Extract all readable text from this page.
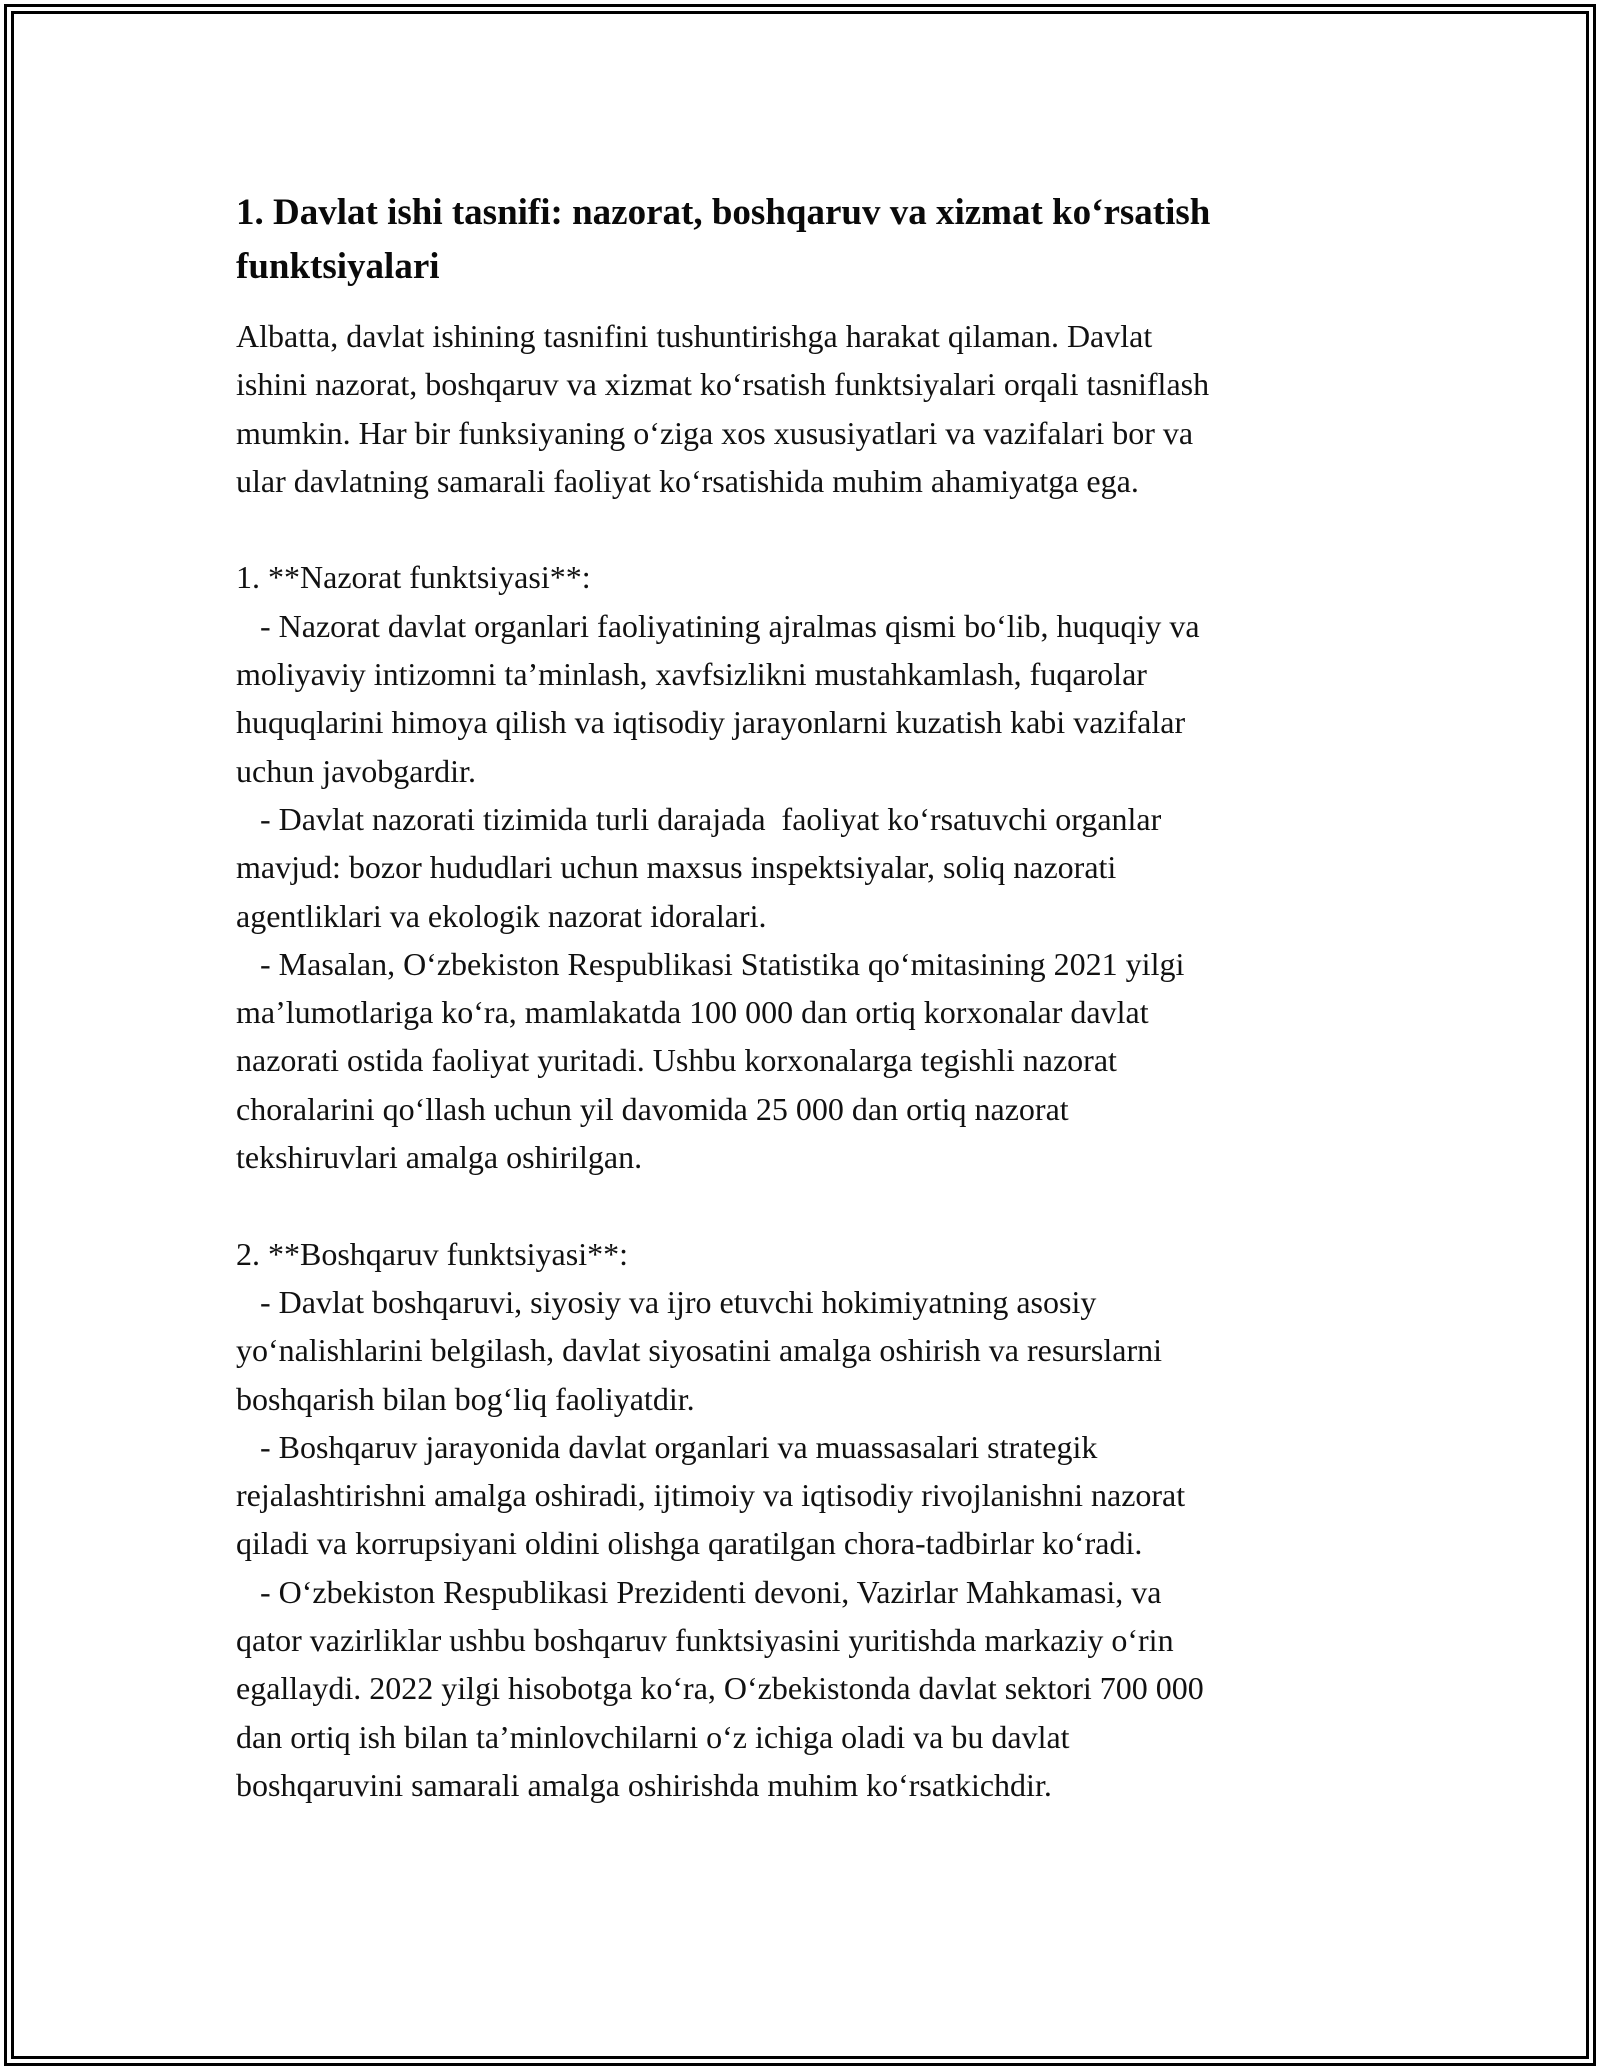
1. Davlat ishi tasnifi: nazorat, boshqaruv va xizmat koʻrsatish
funktsiyalari
Albatta, davlat ishining tasnifini tushuntirishga harakat qilaman. Davlat
ishini nazorat, boshqaruv va xizmat koʻrsatish funktsiyalari orqali tasniflash
mumkin. Har bir funksiyaning oʻziga xos xususiyatlari va vazifalari bor va
ular davlatning samarali faoliyat koʻrsatishida muhim ahamiyatga ega.
1. **Nazorat funktsiyasi**:
- Nazorat davlat organlari faoliyatining ajralmas qismi boʻlib, huquqiy va
moliyaviy intizomni taʼminlash, xavfsizlikni mustahkamlash, fuqarolar
huquqlarini himoya qilish va iqtisodiy jarayonlarni kuzatish kabi vazifalar
uchun javobgardir.
- Davlat nazorati tizimida turli darajada  faoliyat koʻrsatuvchi organlar
mavjud: bozor hududlari uchun maxsus inspektsiyalar, soliq nazorati
agentliklari va ekologik nazorat idoralari.
- Masalan, Oʻzbekiston Respublikasi Statistika qoʻmitasining 2021 yilgi
maʼlumotlariga koʻra, mamlakatda 100 000 dan ortiq korxonalar davlat
nazorati ostida faoliyat yuritadi. Ushbu korxonalarga tegishli nazorat
choralarini qoʻllash uchun yil davomida 25 000 dan ortiq nazorat
tekshiruvlari amalga oshirilgan.
2. **Boshqaruv funktsiyasi**:
- Davlat boshqaruvi, siyosiy va ijro etuvchi hokimiyatning asosiy
yoʻnalishlarini belgilash, davlat siyosatini amalga oshirish va resurslarni
boshqarish bilan bogʻliq faoliyatdir.
- Boshqaruv jarayonida davlat organlari va muassasalari strategik
rejalashtirishni amalga oshiradi, ijtimoiy va iqtisodiy rivojlanishni nazorat
qiladi va korrupsiyani oldini olishga qaratilgan chora-tadbirlar koʻradi.
- Oʻzbekiston Respublikasi Prezidenti devoni, Vazirlar Mahkamasi, va
qator vazirliklar ushbu boshqaruv funktsiyasini yuritishda markaziy oʻrin
egallaydi. 2022 yilgi hisobotga koʻra, Oʻzbekistonda davlat sektori 700 000
dan ortiq ish bilan taʼminlovchilarni oʻz ichiga oladi va bu davlat
boshqaruvini samarali amalga oshirishda muhim koʻrsatkichdir.
